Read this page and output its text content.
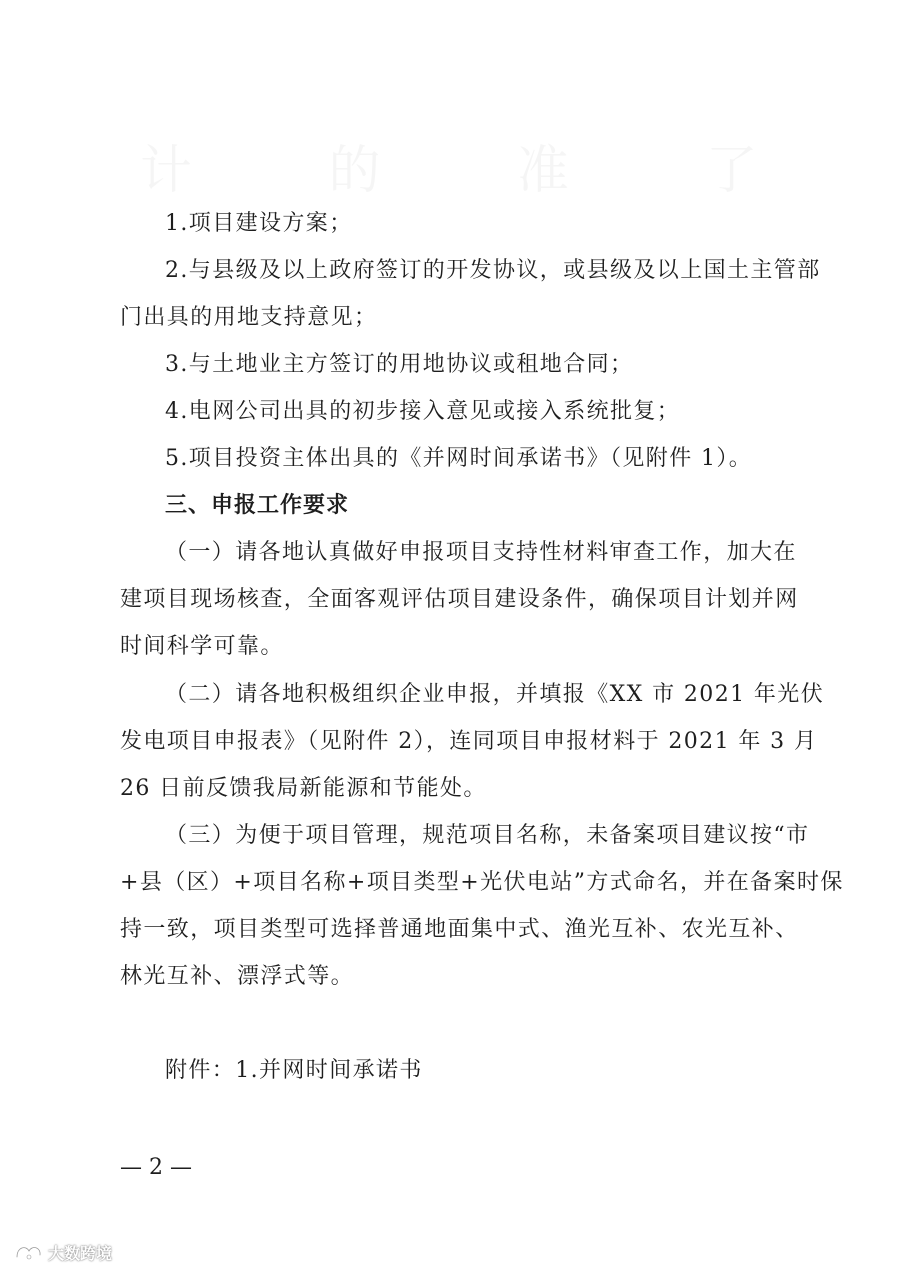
1.项目建设方案；
2.与县级及以上政府签订的开发协议，或县级及以上国土主管部
门出具的用地支持意见；
3.与土地业主方签订的用地协议或租地合同；
4.电网公司出具的初步接入意见或接入系统批复；
5.项目投资主体出具的《并网时间承诺书》（见附件 1）。
三、申报工作要求
（一）请各地认真做好申报项目支持性材料审查工作，加大在
建项目现场核查，全面客观评估项目建设条件，确保项目计划并网
时间科学可靠。
（二）请各地积极组织企业申报，并填报《XX 市 2021 年光伏
发电项目申报表》（见附件 2），连同项目申报材料于 2021 年 3 月
26 日前反馈我局新能源和节能处。
（三）为便于项目管理，规范项目名称，未备案项目建议按“市
+县（区）+项目名称+项目类型+光伏电站”方式命名，并在备案时保
持一致，项目类型可选择普通地面集中式、渔光互补、农光互补、
林光互补、漂浮式等。
附件：1.并网时间承诺书
— 2 —
大数跨境
